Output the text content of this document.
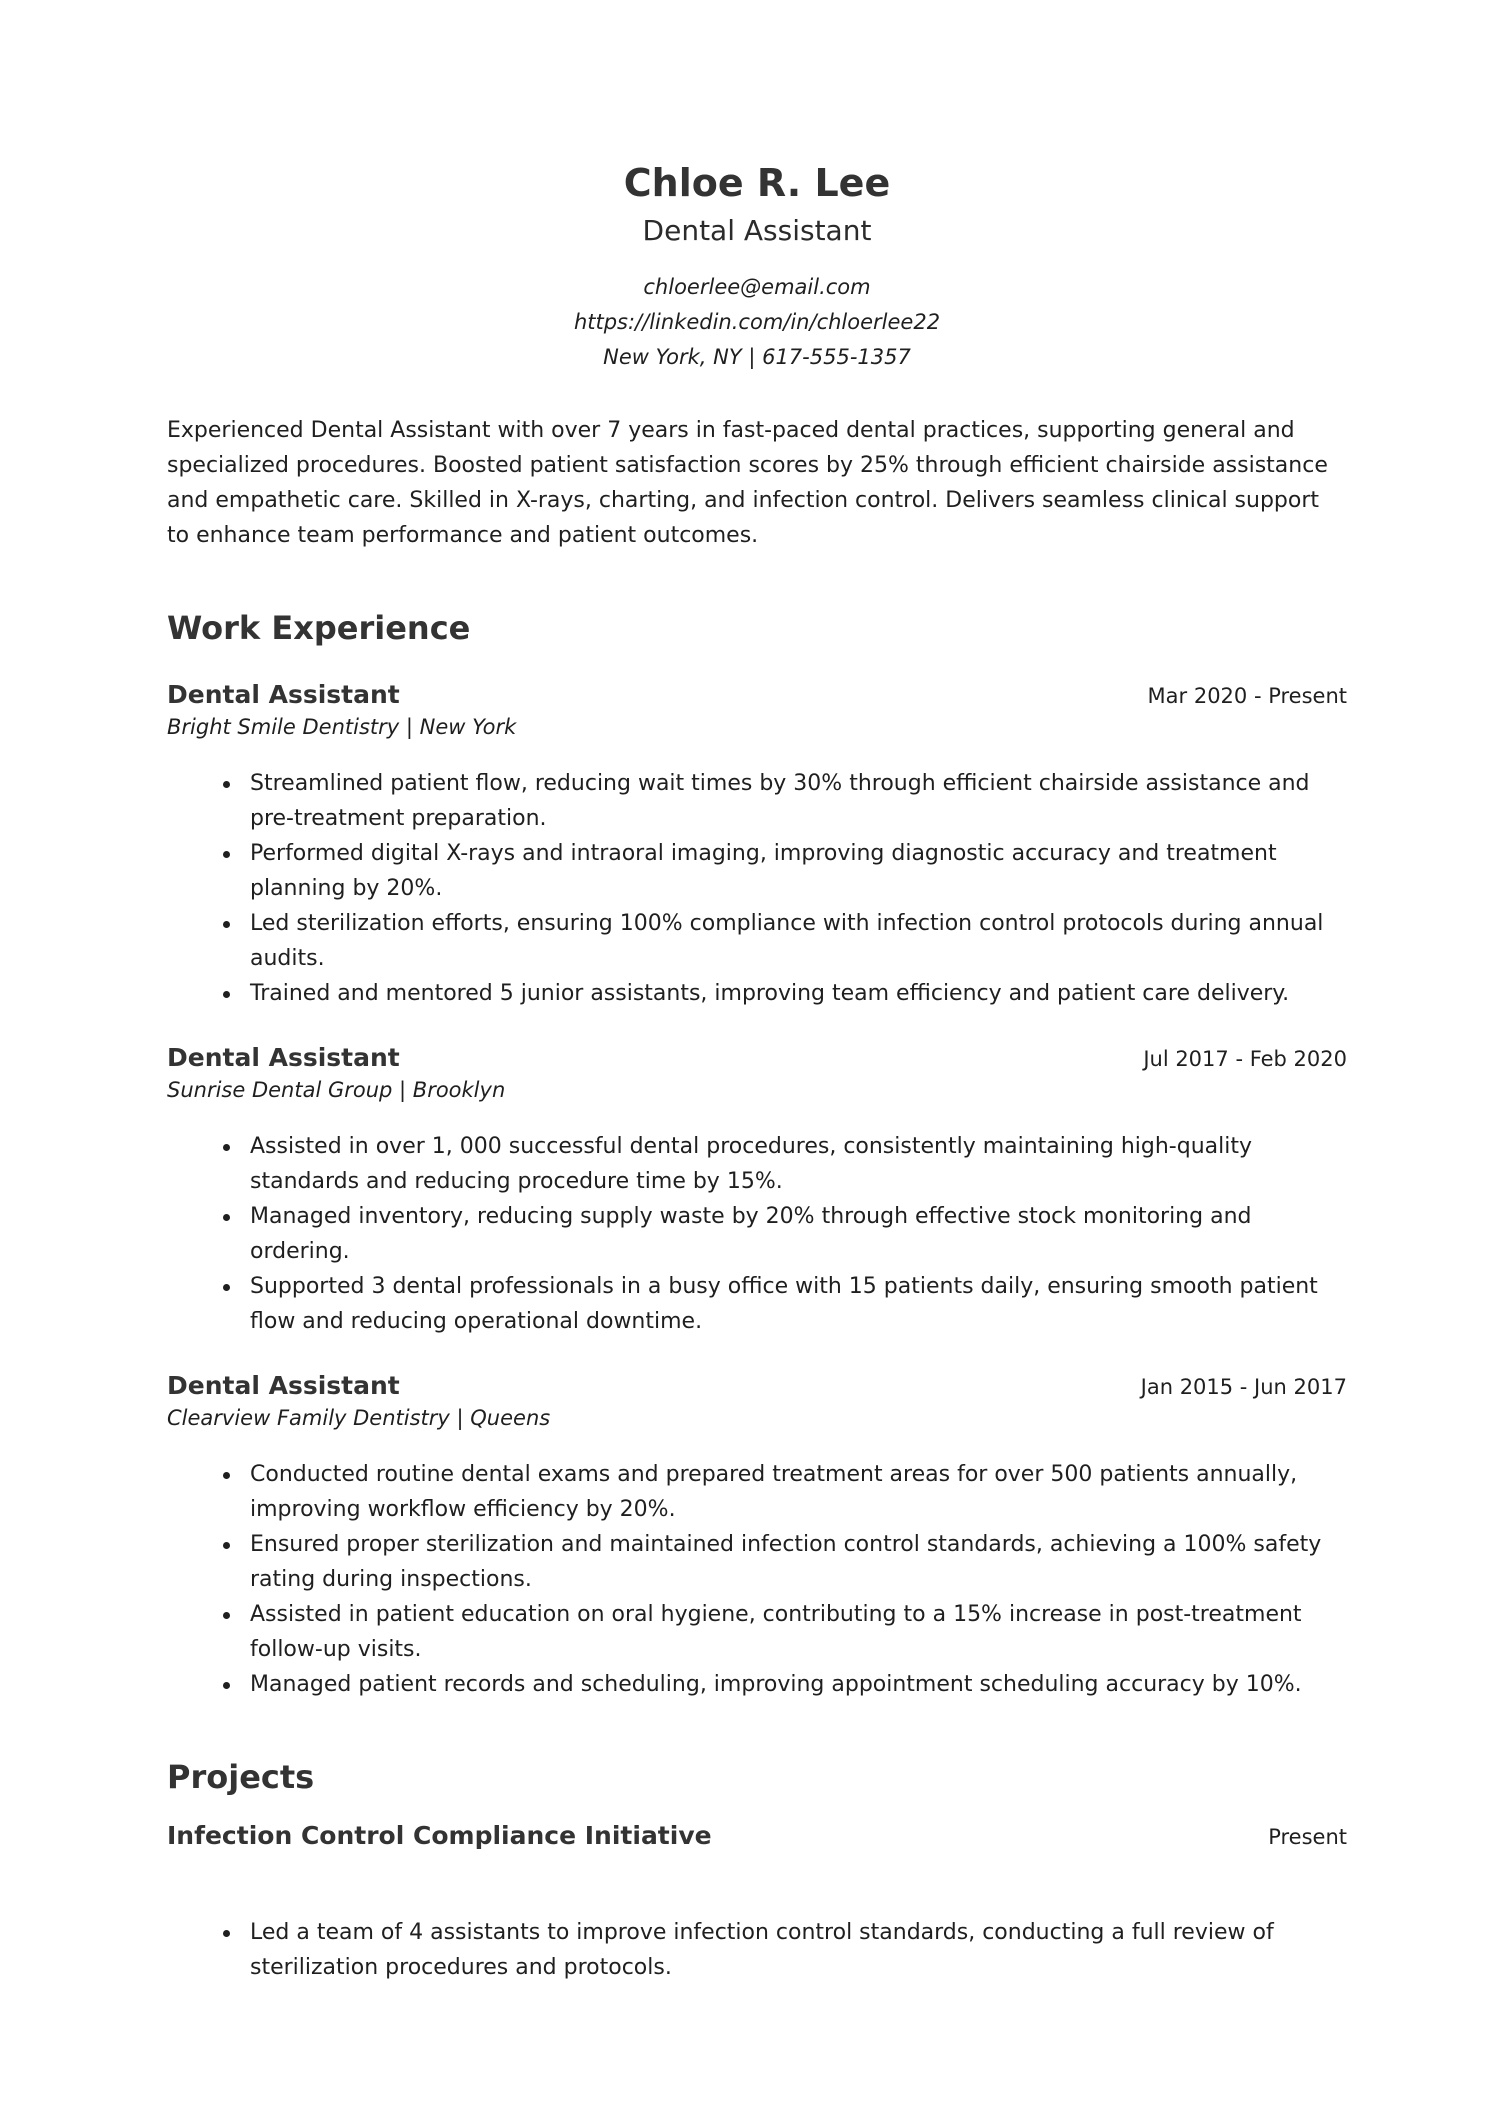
Chloe R. Lee
Dental Assistant
chloerlee@email.com
https://linkedin.com/in/chloerlee22
New York, NY | 617-555-1357
Experienced Dental Assistant with over 7 years in fast-paced dental practices, supporting general and specialized procedures. Boosted patient satisfaction scores by 25% through efficient chairside assistance and empathetic care. Skilled in X-rays, charting, and infection control. Delivers seamless clinical support to enhance team performance and patient outcomes.
Work Experience
Dental Assistant	Mar 2020 - Present
Bright Smile Dentistry | New York
Streamlined patient flow, reducing wait times by 30% through efficient chairside assistance and pre-treatment preparation.
Performed digital X-rays and intraoral imaging, improving diagnostic accuracy and treatment planning by 20%.
Led sterilization efforts, ensuring 100% compliance with infection control protocols during annual audits.
Trained and mentored 5 junior assistants, improving team efficiency and patient care delivery.
Dental Assistant	Jul 2017 - Feb 2020
Sunrise Dental Group | Brooklyn
Assisted in over 1, 000 successful dental procedures, consistently maintaining high-quality standards and reducing procedure time by 15%.
Managed inventory, reducing supply waste by 20% through effective stock monitoring and ordering.
Supported 3 dental professionals in a busy office with 15 patients daily, ensuring smooth patient flow and reducing operational downtime.
Dental Assistant	Jan 2015 - Jun 2017
Clearview Family Dentistry | Queens
Conducted routine dental exams and prepared treatment areas for over 500 patients annually, improving workflow efficiency by 20%.
Ensured proper sterilization and maintained infection control standards, achieving a 100% safety rating during inspections.
Assisted in patient education on oral hygiene, contributing to a 15% increase in post-treatment follow-up visits.
Managed patient records and scheduling, improving appointment scheduling accuracy by 10%.
Projects
Infection Control Compliance Initiative	Present
Led a team of 4 assistants to improve infection control standards, conducting a full review of sterilization procedures and protocols.
